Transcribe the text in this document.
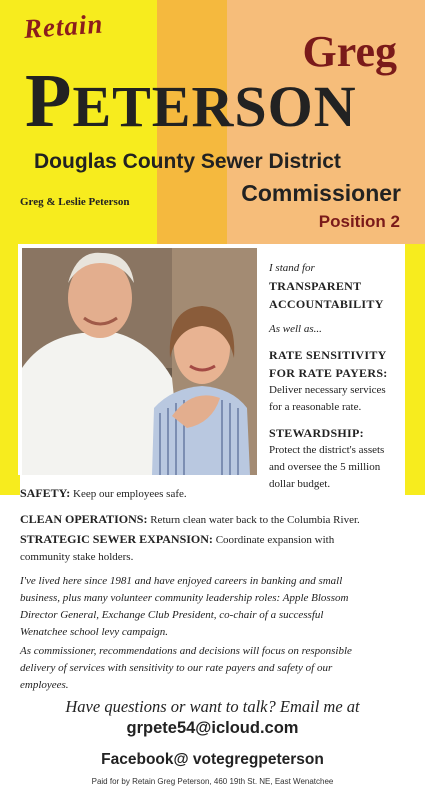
Retain
Greg
PETERSON
Douglas County Sewer District
Greg & Leslie Peterson	Commissioner
Position 2
I stand for
TRANSPARENT
ACCOUNTABILITY
As well as...
RATE SENSITIVITY
FOR RATE PAYERS:
Deliver necessary services
for a reasonable rate.
STEWARDSHIP:
Protect the district's assets
and oversee the 5 million
dollar budget.
SAFETY: Keep our employees safe.
CLEAN OPERATIONS: Return clean water back to the Columbia River.
STRATEGIC SEWER EXPANSION: Coordinate expansion with
community stake holders.
I've lived here since 1981 and have enjoyed careers in banking and small
business, plus many volunteer community leadership roles: Apple Blossom
Director General, Exchange Club President, co-chair of a successful
Wenatchee school levy campaign.
As commissioner, recommendations and decisions will focus on responsible
delivery of services with sensitivity to our rate payers and safety of our
employees.
Have questions or want to talk? Email me at
grpete54@icloud.com
Facebook@ votegregpeterson
Paid for by Retain Greg Peterson, 460 19th St. NE, East Wenatchee
